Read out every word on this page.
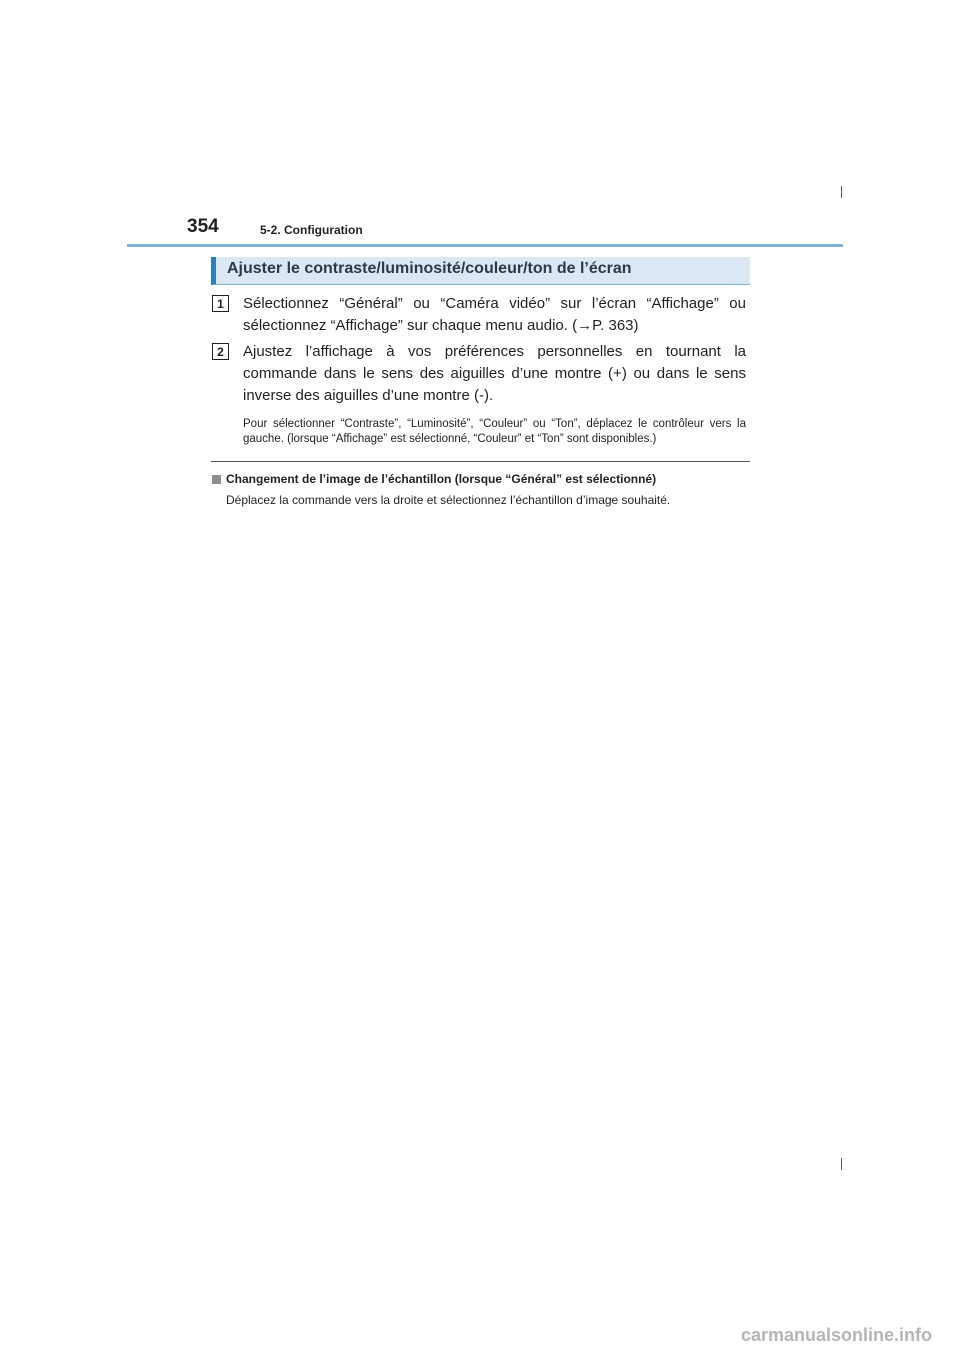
354	5-2. Configuration
Ajuster le contraste/luminosité/couleur/ton de l’écran
1	Sélectionnez “Général” ou “Caméra vidéo” sur l’écran “Affichage” ou sélectionnez “Affichage” sur chaque menu audio. (→P. 363)
2	Ajustez l’affichage à vos préférences personnelles en tournant la commande dans le sens des aiguilles d’une montre (+) ou dans le sens inverse des aiguilles d’une montre (-).
Pour sélectionner “Contraste”, “Luminosité”, “Couleur” ou “Ton”, déplacez le contrôleur vers la gauche. (lorsque “Affichage” est sélectionné, “Couleur” et “Ton” sont disponibles.)
Changement de l’image de l’échantillon (lorsque “Général” est sélectionné)
Déplacez la commande vers la droite et sélectionnez l’échantillon d’image souhaité.
carmanualsonline.info
